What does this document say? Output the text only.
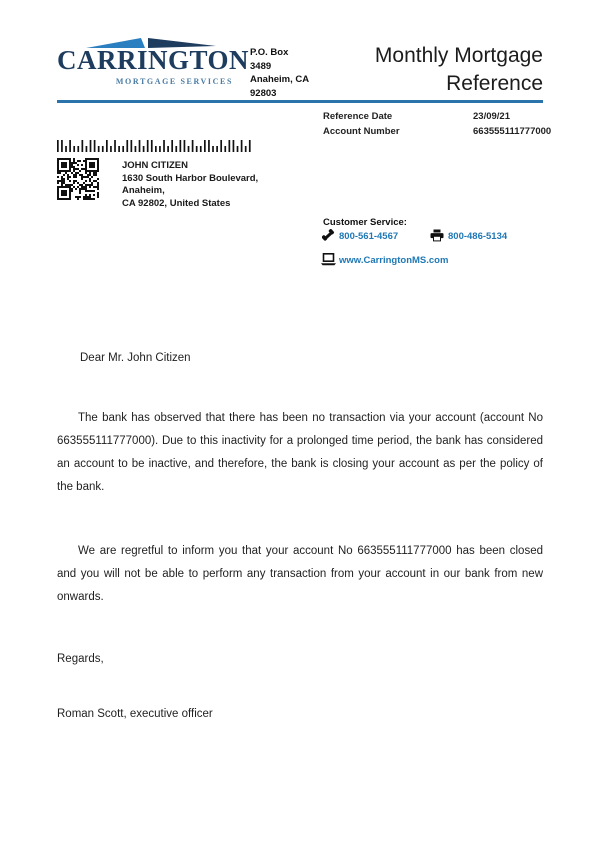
CARRINGTON
MORTGAGE SERVICES
P.O. Box
3489
Anaheim, CA
92803
Monthly Mortgage
Reference
Reference Date	23/09/21
Account Number	663555111777000
JOHN CITIZEN
1630 South Harbor Boulevard,
Anaheim,
CA 92802, United States
Customer Service:
800-561-4567	800-486-5134
www.CarringtonMS.com
Dear Mr. John Citizen
The bank has observed that there has been no transaction via your account (account No 663555111777000). Due to this inactivity for a prolonged time period, the bank has considered an account to be inactive, and therefore, the bank is closing your account as per the policy of the bank.
We are regretful to inform you that your account No 663555111777000 has been closed and you will not be able to perform any transaction from your account in our bank from new onwards.
Regards,
Roman Scott, executive officer
